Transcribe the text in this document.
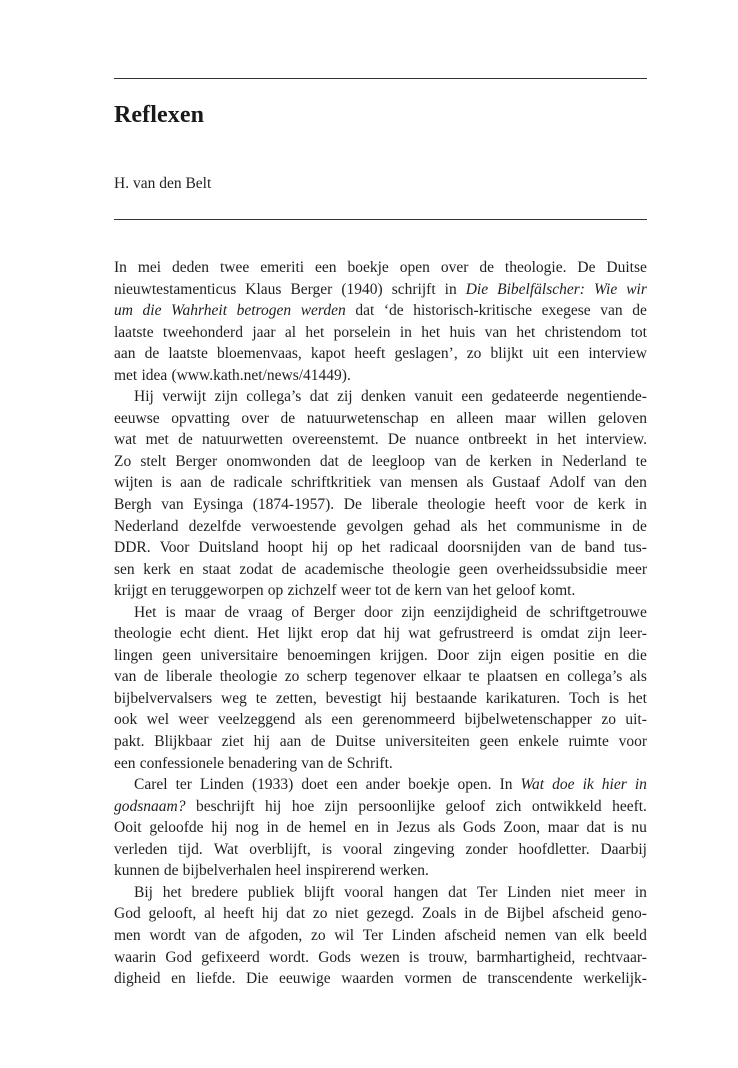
Reflexen

H. van den Belt

In mei deden twee emeriti een boekje open over de theologie. De Duitse
nieuwtestamenticus Klaus Berger (1940) schrijft in Die Bibelfälscher: Wie wir
um die Wahrheit betrogen werden dat ‘de historisch-kritische exegese van de
laatste tweehonderd jaar al het porselein in het huis van het christendom tot
aan de laatste bloemenvaas, kapot heeft geslagen’, zo blijkt uit een interview
met idea (www.kath.net/news/41449).
Hij verwijt zijn collega’s dat zij denken vanuit een gedateerde negentiende-
eeuwse opvatting over de natuurwetenschap en alleen maar willen geloven
wat met de natuurwetten overeenstemt. De nuance ontbreekt in het interview.
Zo stelt Berger onomwonden dat de leegloop van de kerken in Nederland te
wijten is aan de radicale schriftkritiek van mensen als Gustaaf Adolf van den
Bergh van Eysinga (1874-1957). De liberale theologie heeft voor de kerk in
Nederland dezelfde verwoestende gevolgen gehad als het communisme in de
DDR. Voor Duitsland hoopt hij op het radicaal doorsnijden van de band tus-
sen kerk en staat zodat de academische theologie geen overheidssubsidie meer
krijgt en teruggeworpen op zichzelf weer tot de kern van het geloof komt.
Het is maar de vraag of Berger door zijn eenzijdigheid de schriftgetrouwe
theologie echt dient. Het lijkt erop dat hij wat gefrustreerd is omdat zijn leer-
lingen geen universitaire benoemingen krijgen. Door zijn eigen positie en die
van de liberale theologie zo scherp tegenover elkaar te plaatsen en collega’s als
bijbelvervalsers weg te zetten, bevestigt hij bestaande karikaturen. Toch is het
ook wel weer veelzeggend als een gerenommeerd bijbelwetenschapper zo uit-
pakt. Blijkbaar ziet hij aan de Duitse universiteiten geen enkele ruimte voor
een confessionele benadering van de Schrift.
Carel ter Linden (1933) doet een ander boekje open. In Wat doe ik hier in
godsnaam? beschrijft hij hoe zijn persoonlijke geloof zich ontwikkeld heeft.
Ooit geloofde hij nog in de hemel en in Jezus als Gods Zoon, maar dat is nu
verleden tijd. Wat overblijft, is vooral zingeving zonder hoofdletter. Daarbij
kunnen de bijbelverhalen heel inspirerend werken.
Bij het bredere publiek blijft vooral hangen dat Ter Linden niet meer in
God gelooft, al heeft hij dat zo niet gezegd. Zoals in de Bijbel afscheid geno-
men wordt van de afgoden, zo wil Ter Linden afscheid nemen van elk beeld
waarin God gefixeerd wordt. Gods wezen is trouw, barmhartigheid, rechtvaar-
digheid en liefde. Die eeuwige waarden vormen de transcendente werkelijk-
